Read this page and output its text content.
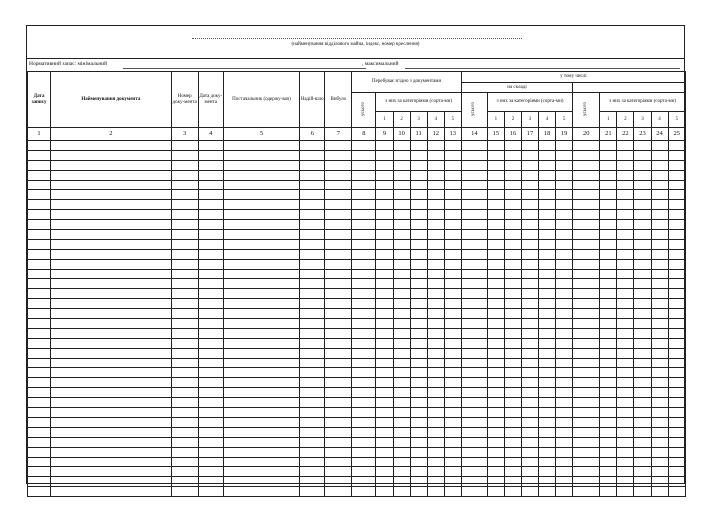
(найменування відділового майна, індекс, номер креслення)
Нормативний запас: мінімальний	, максимальний
Дата запису	Найменування документа	Номер доку-мента	Дата доку-мента	Постачальник (одержу-вач)	Надій-шло	Вибуло	Перебуває згідно з документами						у тому числі											
													на складі											
							усього	з них за категоріями (сорта-ми)					усього	з них за категоріями (сорта-ми)					усього	з них за категоріями (сорта-ми)				
								1	2	3	4	5		1	2	3	4	5		1	2	3	4	5
1	2	3	4	5	6	7	8	9	10	11	12	13	14	15	16	17	18	19	20	21	22	23	24	25
